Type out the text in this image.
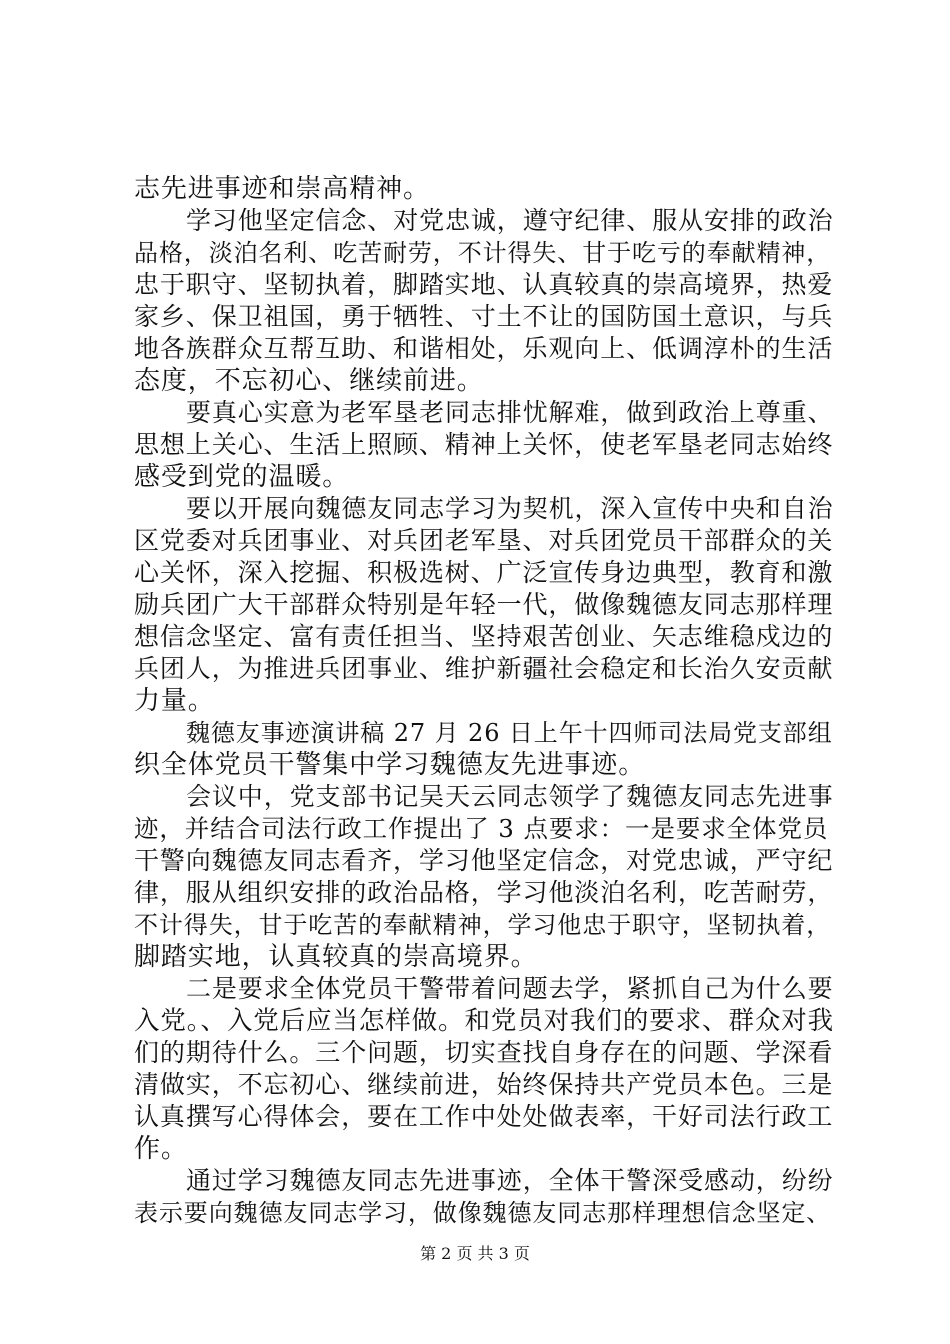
志先进事迹和崇高精神。
学习他坚定信念、对党忠诚，遵守纪律、服从安排的政治
品格，淡泊名利、吃苦耐劳，不计得失、甘于吃亏的奉献精神，
忠于职守、坚韧执着，脚踏实地、认真较真的崇高境界，热爱
家乡、保卫祖国，勇于牺牲、寸土不让的国防国土意识，与兵
地各族群众互帮互助、和谐相处，乐观向上、低调淳朴的生活
态度，不忘初心、继续前进。
要真心实意为老军垦老同志排忧解难，做到政治上尊重、
思想上关心、生活上照顾、精神上关怀，使老军垦老同志始终
感受到党的温暖。
要以开展向魏德友同志学习为契机，深入宣传中央和自治
区党委对兵团事业、对兵团老军垦、对兵团党员干部群众的关
心关怀，深入挖掘、积极选树、广泛宣传身边典型，教育和激
励兵团广大干部群众特别是年轻一代，做像魏德友同志那样理
想信念坚定、富有责任担当、坚持艰苦创业、矢志维稳戍边的
兵团人，为推进兵团事业、维护新疆社会稳定和长治久安贡献
力量。
魏德友事迹演讲稿 27 月 26 日上午十四师司法局党支部组
织全体党员干警集中学习魏德友先进事迹。
会议中，党支部书记吴天云同志领学了魏德友同志先进事
迹，并结合司法行政工作提出了 3 点要求：一是要求全体党员
干警向魏德友同志看齐，学习他坚定信念，对党忠诚，严守纪
律，服从组织安排的政治品格，学习他淡泊名利，吃苦耐劳，
不计得失，甘于吃苦的奉献精神，学习他忠于职守，坚韧执着，
脚踏实地，认真较真的崇高境界。
二是要求全体党员干警带着问题去学，紧抓自己为什么要
入党。、入党后应当怎样做。和党员对我们的要求、群众对我
们的期待什么。三个问题，切实查找自身存在的问题、学深看
清做实，不忘初心、继续前进，始终保持共产党员本色。三是
认真撰写心得体会，要在工作中处处做表率，干好司法行政工
作。
通过学习魏德友同志先进事迹，全体干警深受感动，纷纷
表示要向魏德友同志学习，做像魏德友同志那样理想信念坚定、
第 2 页 共 3 页
